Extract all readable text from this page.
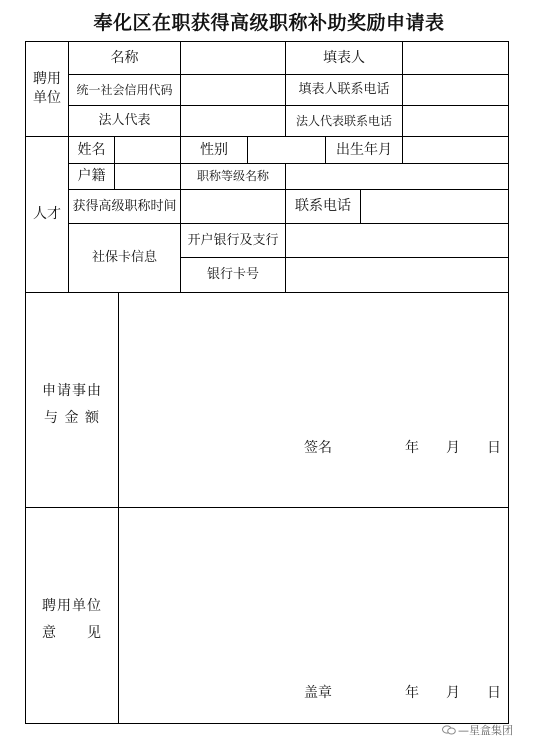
奉化区在职获得高级职称补助奖励申请表
聘用
单位
名称	填表人
统一社会信用代码	填表人联系电话
法人代表	法人代表联系电话
人才
姓名	性别	出生年月
户籍	职称等级名称
获得高级职称时间	联系电话
社保卡信息
开户银行及支行
银行卡号
申请事由
与 金 额
签名	年 月 日
聘用单位
意　　见
盖章	年 月 日
—星盒集团
